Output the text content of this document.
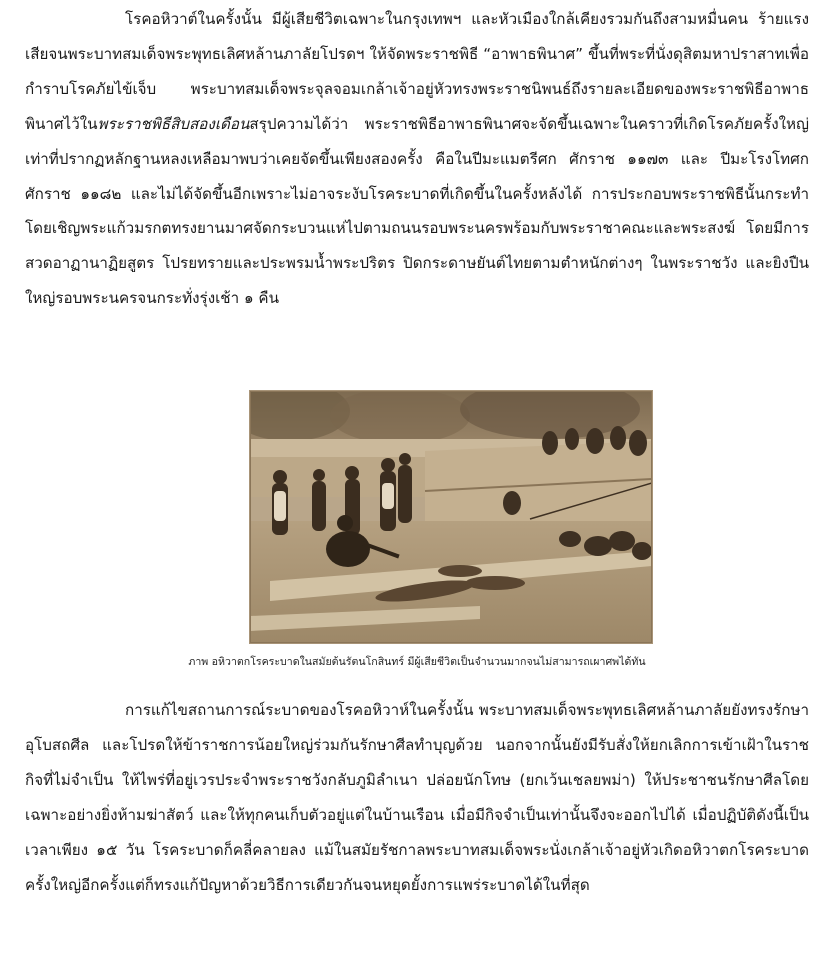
โรคอหิวาต์ในครั้งนั้น มีผู้เสียชีวิตเฉพาะในกรุงเทพฯ และหัวเมืองใกล้เคียงรวมกันถึงสามหมื่นคน ร้ายแรงเสียจนพระบาทสมเด็จพระพุทธเลิศหล้านภาลัยโปรดฯ ให้จัดพระราชพิธี “อาพาธพินาศ” ขึ้นที่พระที่นั่งดุสิตมหาปราสาทเพื่อกำราบโรคภัยไข้เจ็บ พระบาทสมเด็จพระจุลจอมเกล้าเจ้าอยู่หัวทรงพระราชนิพนธ์ถึงรายละเอียดของพระราชพิธีอาพาธพินาศไว้ในพระราชพิธีสิบสองเดือนสรุปความได้ว่า พระราชพิธีอาพาธพินาศจะจัดขึ้นเฉพาะในคราวที่เกิดโรคภัยครั้งใหญ่ เท่าที่ปรากฏหลักฐานหลงเหลือมาพบว่าเคยจัดขึ้นเพียงสองครั้ง คือในปีมะแมตรีศก ศักราช ๑๑๗๓ และ ปีมะโรงโทศก ศักราช ๑๑๘๒ และไม่ได้จัดขึ้นอีกเพราะไม่อาจระงับโรคระบาดที่เกิดขึ้นในครั้งหลังได้ การประกอบพระราชพิธีนั้นกระทำโดยเชิญพระแก้วมรกตทรงยานมาศจัดกระบวนแห่ไปตามถนนรอบพระนครพร้อมกับพระราชาคณะและพระสงฆ์ โดยมีการสวดอาฏานาฏิยสูตร โปรยทรายและประพรมน้ำพระปริตร ปิดกระดาษยันต์ไทยตามตำหนักต่างๆ ในพระราชวัง และยิงปืนใหญ่รอบพระนครจนกระทั่งรุ่งเช้า ๑ คืน

ภาพ อหิวาตกโรคระบาดในสมัยต้นรัตนโกสินทร์ มีผู้เสียชีวิตเป็นจำนวนมากจนไม่สามารถเผาศพได้ทัน

การแก้ไขสถานการณ์ระบาดของโรคอหิวาห์ในครั้งนั้น พระบาทสมเด็จพระพุทธเลิศหล้านภาลัยยังทรงรักษาอุโบสถศีล และโปรดให้ข้าราชการน้อยใหญ่ร่วมกันรักษาศีลทำบุญด้วย นอกจากนั้นยังมีรับสั่งให้ยกเลิกการเข้าเฝ้าในราชกิจที่ไม่จำเป็น ให้ไพร่ที่อยู่เวรประจำพระราชวังกลับภูมิลำเนา ปล่อยนักโทษ (ยกเว้นเชลยพม่า) ให้ประชาชนรักษาศีลโดยเฉพาะอย่างยิ่งห้ามฆ่าสัตว์ และให้ทุกคนเก็บตัวอยู่แต่ในบ้านเรือน เมื่อมีกิจจำเป็นเท่านั้นจึงจะออกไปได้ เมื่อปฏิบัติดังนี้เป็นเวลาเพียง ๑๕ วัน โรคระบาดก็คลี่คลายลง แม้ในสมัยรัชกาลพระบาทสมเด็จพระนั่งเกล้าเจ้าอยู่หัวเกิดอหิวาตกโรคระบาดครั้งใหญ่อีกครั้งแต่ก็ทรงแก้ปัญหาด้วยวิธีการเดียวกันจนหยุดยั้งการแพร่ระบาดได้ในที่สุด
